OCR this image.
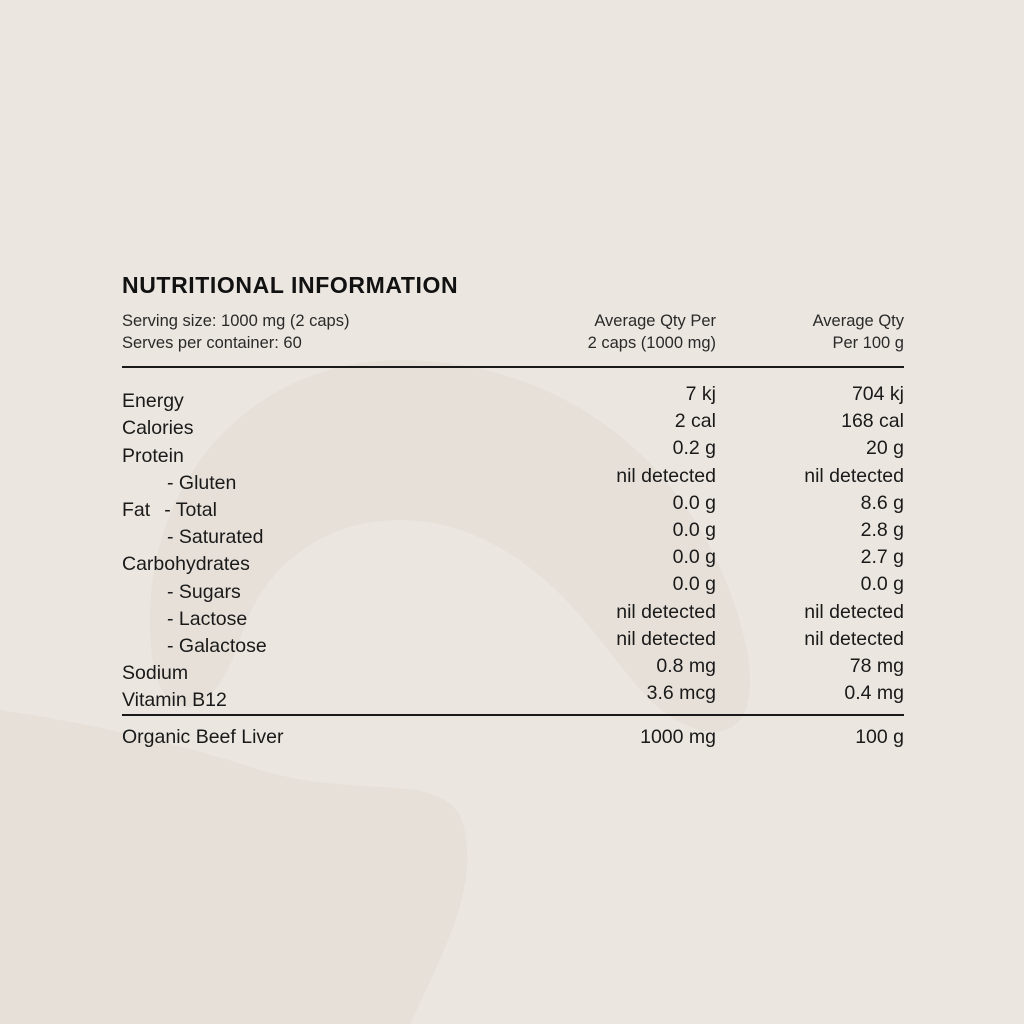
NUTRITIONAL INFORMATION
Serving size: 1000 mg (2 caps)
Serves per container: 60
Average Qty Per
2 caps (1000 mg)
Average Qty
Per 100 g
Energy	7 kj	704 kj
Calories	2 cal	168 cal
Protein	0.2 g	20 g
- Gluten	nil detected	nil detected
Fat - Total	0.0 g	8.6 g
- Saturated	0.0 g	2.8 g
Carbohydrates	0.0 g	2.7 g
- Sugars	0.0 g	0.0 g
- Lactose	nil detected	nil detected
- Galactose	nil detected	nil detected
Sodium	0.8 mg	78 mg
Vitamin B12	3.6 mcg	0.4 mg
Organic Beef Liver	1000 mg	100 g
